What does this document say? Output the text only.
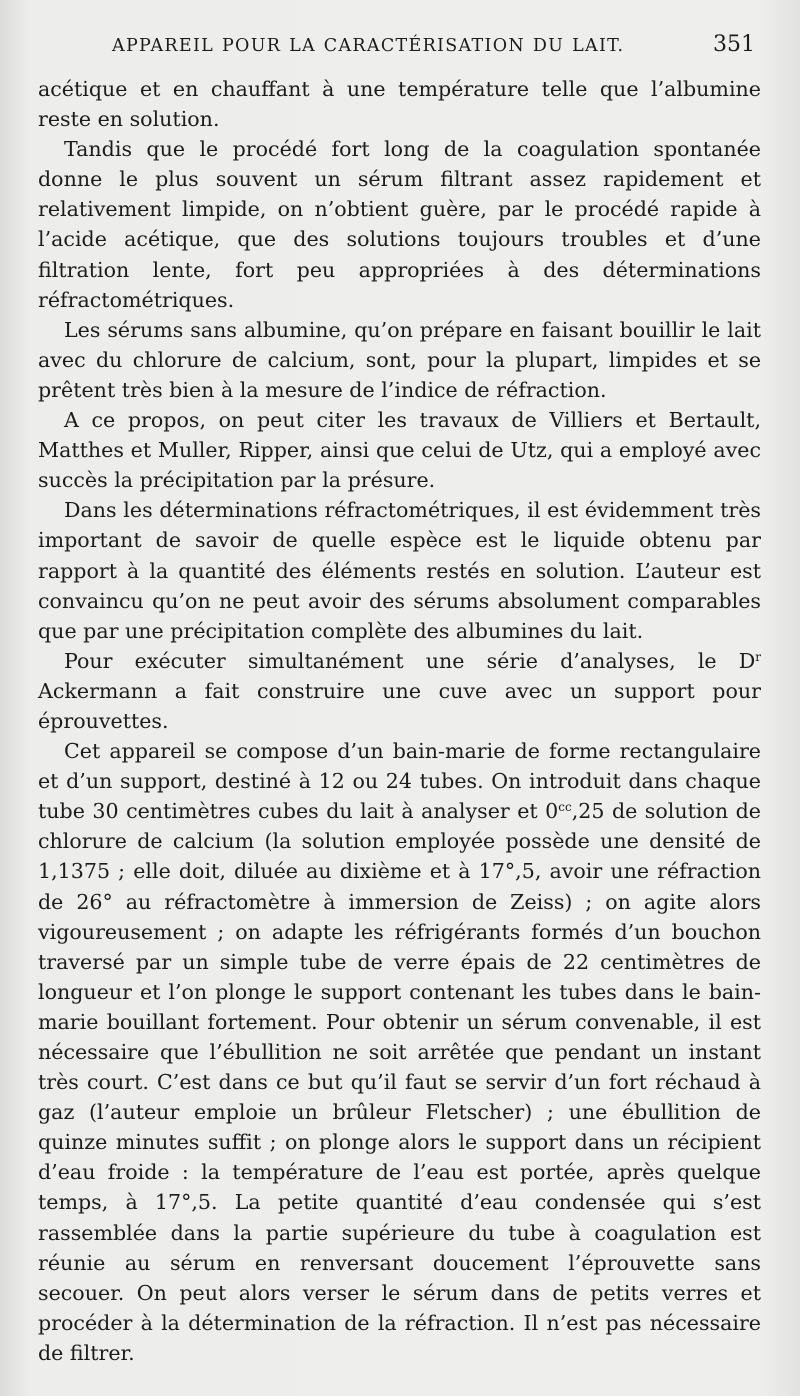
APPAREIL POUR LA CARACTÉRISATION DU LAIT.	351

acétique et en chauffant à une température telle que l’albumine reste en solution.

Tandis que le procédé fort long de la coagulation spontanée donne le plus souvent un sérum filtrant assez rapidement et relativement limpide, on n’obtient guère, par le procédé rapide à l’acide acétique, que des solutions toujours troubles et d’une filtration lente, fort peu appropriées à des déterminations réfractométriques.

Les sérums sans albumine, qu’on prépare en faisant bouillir le lait avec du chlorure de calcium, sont, pour la plupart, limpides et se prêtent très bien à la mesure de l’indice de réfraction.

A ce propos, on peut citer les travaux de Villiers et Bertault, Matthes et Muller, Ripper, ainsi que celui de Utz, qui a employé avec succès la précipitation par la présure.

Dans les déterminations réfractométriques, il est évidemment très important de savoir de quelle espèce est le liquide obtenu par rapport à la quantité des éléments restés en solution. L’auteur est convaincu qu’on ne peut avoir des sérums absolument comparables que par une précipitation complète des albumines du lait.

Pour exécuter simultanément une série d’analyses, le $D^r$ Ackermann a fait construire une cuve avec un support pour éprouvettes.

Cet appareil se compose d’un bain-marie de forme rectangulaire et d’un support, destiné à 12 ou 24 tubes. On introduit dans chaque tube 30 centimètres cubes du lait à analyser et $0^{cc},25$ de solution de chlorure de calcium (la solution employée possède une densité de 1,1375 ; elle doit, diluée au dixième et à 17°,5, avoir une réfraction de 26° au réfractomètre à immersion de Zeiss) ; on agite alors vigoureusement ; on adapte les réfrigérants formés d’un bouchon traversé par un simple tube de verre épais de 22 centimètres de longueur et l’on plonge le support contenant les tubes dans le bain-marie bouillant fortement. Pour obtenir un sérum convenable, il est nécessaire que l’ébullition ne soit arrêtée que pendant un instant très court. C’est dans ce but qu’il faut se servir d’un fort réchaud à gaz (l’auteur emploie un brûleur Fletscher) ; une ébullition de quinze minutes suffit ; on plonge alors le support dans un récipient d’eau froide : la température de l’eau est portée, après quelque temps, à 17°,5. La petite quantité d’eau condensée qui s’est rassemblée dans la partie supérieure du tube à coagulation est réunie au sérum en renversant doucement l’éprouvette sans secouer. On peut alors verser le sérum dans de petits verres et procéder à la détermination de la réfraction. Il n’est pas nécessaire de filtrer.
